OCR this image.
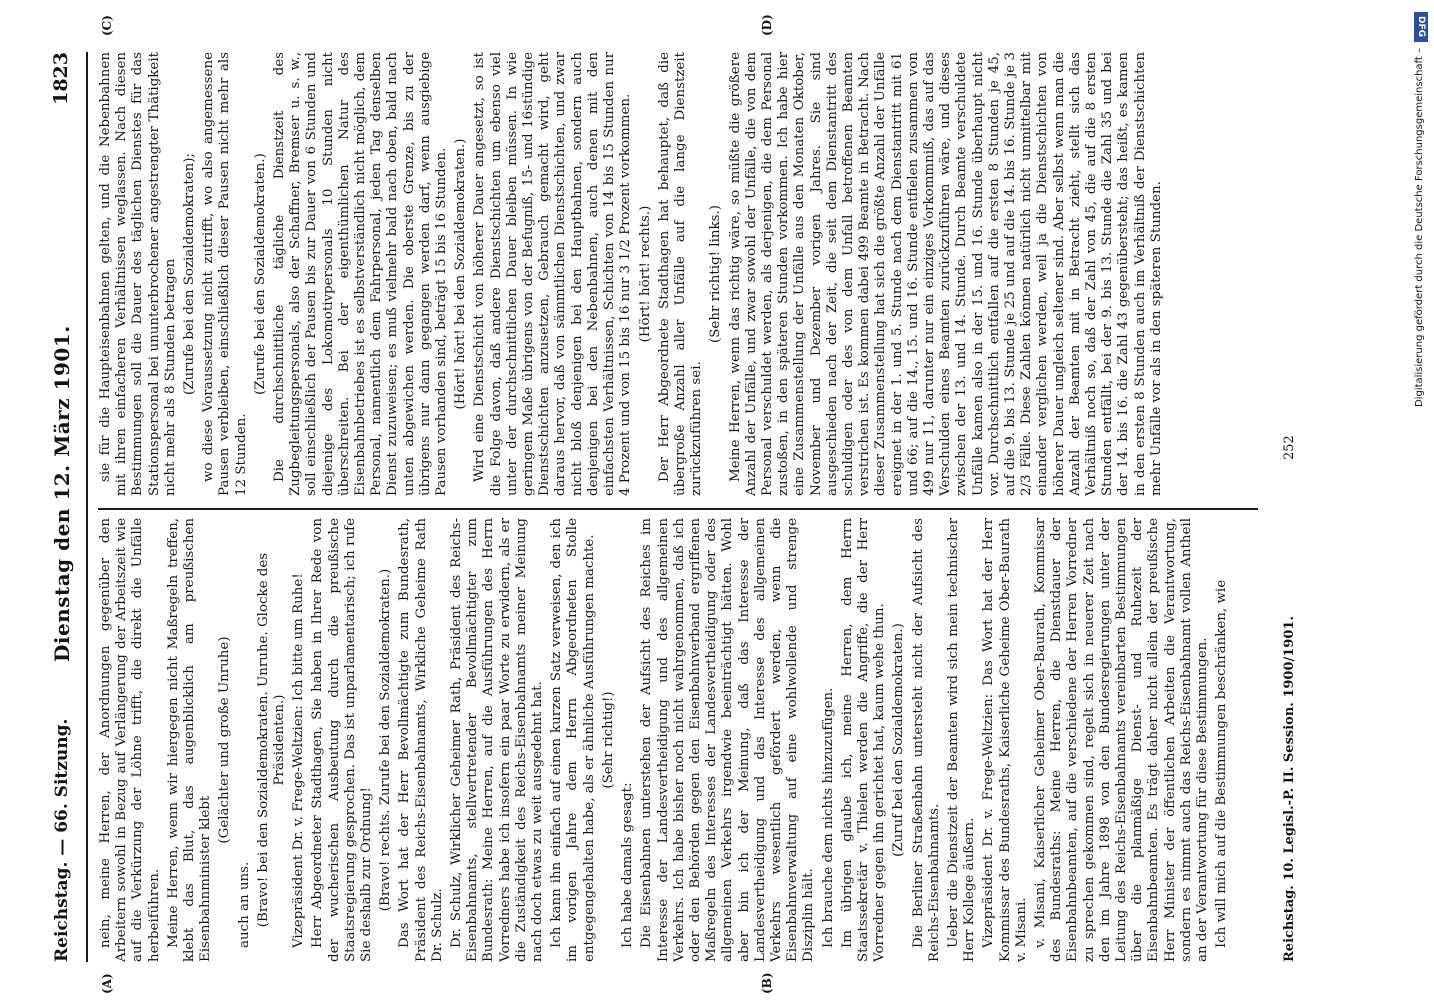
Reichstag. — 66. Sitzung.
Dienstag den 12. März 1901.
1823
(A)	(B)
(C)	(D)

nein, meine Herren, der Anordnungen gegenüber den Arbeitern sowohl in Bezug auf Verlängerung der Arbeitszeit wie auf die Verkürzung der Löhne trifft, die direkt die Unfälle herbeiführen. Meine Herren, wenn wir hiergegen nicht Maßregeln treffen, klebt das Blut, das augenblicklich am preußischen Eisenbahnminister klebt

(Gelächter und große Unruhe)

auch an uns. (Bravo! bei den Sozialdemokraten. Unruhe. Glocke des Präsidenten.) Vizepräsident Dr. v. Frege-Weltzien: Ich bitte um Ruhe! Herr Abgeordneter Stadthagen, Sie haben in Ihrer Rede von der wucherischen Ausbeutung durch die preußische Staatsregierung gesprochen. Das ist unparlamentarisch; ich rufe Sie deshalb zur Ordnung! (Bravo! rechts. Zurufe bei den Sozialdemokraten.) Das Wort hat der Herr Bevollmächtigte zum Bundesrath, Präsident des Reichs-Eisenbahnamts, Wirkliche Geheime Rath Dr. Schulz. Dr. Schulz, Wirklicher Geheimer Rath, Präsident des Reichs-Eisenbahnamts, stellvertretender Bevollmächtigter zum Bundesrath: Meine Herren, auf die Ausführungen des Herrn Vorredners habe ich insofern ein paar Worte zu erwidern, als er die Zuständigkeit des Reichs-Eisenbahnamts meiner Meinung nach doch etwas zu weit ausgedehnt hat. Ich kann ihn einfach auf einen kurzen Satz verweisen, den ich im vorigen Jahre dem Herrn Abgeordneten Stolle entgegengehalten habe, als er ähnliche Ausführungen machte. (Sehr richtig!)

Ich habe damals gesagt: Die Eisenbahnen unterstehen der Aufsicht des Reiches im Interesse der Landesvertheidigung und des allgemeinen Verkehrs. Ich habe bisher noch nicht wahrgenommen, daß ich oder den Behörden gegen den Eisenbahnverband ergriffenen Maßregeln des Interesses der Landesvertheidigung oder des allgemeinen Verkehrs irgendwie beeinträchtigt hätten. Wohl aber bin ich der Meinung, daß das Interesse der Landesvertheidigung und das Interesse des allgemeinen Verkehrs wesentlich gefördert werden, wenn die Eisenbahnverwaltung auf eine wohlwollende und strenge Disziplin hält. Ich brauche dem nichts hinzuzufügen. Im übrigen glaube ich, meine Herren, dem Herrn Staatssekretär v. Thielen werden die Angriffe, die der Herr Vorredner gegen ihn gerichtet hat, kaum wehe thun. (Zuruf bei den Sozialdemokraten.) Die Berliner Straßenbahn untersteht nicht der Aufsicht des Reichs-Eisenbahnamts. Ueber die Dienstzeit der Beamten wird sich mein technischer Herr Kollege äußern. Vizepräsident Dr. v. Frege-Weltzien: Das Wort hat der Herr Kommissar des Bundesraths, Kaiserliche Geheime Ober-Baurath v. Misani. v. Misani, Kaiserlicher Geheimer Ober-Baurath, Kommissar des Bundesraths: Meine Herren, die Dienstdauer der Eisenbahnbeamten, auf die verschiedene der Herren Vorredner zu sprechen gekommen sind, regelt sich in neuerer Zeit nach den im Jahre 1898 von den Bundesregierungen unter der Leitung des Reichs-Eisenbahnamts vereinbarten Bestimmungen über die planmäßige Dienst- und Ruhezeit der Eisenbahnbeamten. Es trägt daher nicht allein der preußische Herr Minister der öffentlichen Arbeiten die Verantwortung, sondern es nimmt auch das Reichs-Eisenbahnamt vollen Antheil an der Verantwortung für diese Bestimmungen. Ich will mich auf die Bestimmungen beschränken, wie

sie für die Haupteisenbahnen gelten, und die Nebenbahnen mit ihren einfacheren Verhältnissen weglassen. Nach diesen Bestimmungen soll die Dauer des täglichen Dienstes für das Stationspersonal bei ununterbrochener angestrengter Thätigkeit nicht mehr als 8 Stunden betragen (Zurufe bei den Sozialdemokraten); wo diese Voraussetzung nicht zutrifft, wo also angemessene Pausen verbleiben, einschließlich dieser Pausen nicht mehr als 12 Stunden.

(Zurufe bei den Sozialdemokraten.) Die durchschnittliche tägliche Dienstzeit des Zugbegleitungspersonals, also der Schaffner, Bremser u. s. w., soll einschließlich der Pausen bis zur Dauer von 6 Stunden und diejenige des Lokomotivpersonals 10 Stunden nicht überschreiten. Bei der eigenthümlichen Natur des Eisenbahnbetriebes ist es selbstverständlich nicht möglich, dem Personal, namentlich dem Fahrpersonal, jeden Tag denselben Dienst zuzuweisen; es muß vielmehr bald nach oben, bald nach unten abgewichen werden. Die oberste Grenze, bis zu der übrigens nur dann gegangen werden darf, wenn ausgiebige Pausen vorhanden sind, beträgt 15 bis 16 Stunden. (Hört! hört! bei den Sozialdemokraten.) Wird eine Dienstschicht von höherer Dauer angesetzt, so ist die Folge davon, daß andere Dienstschichten um ebenso viel unter der durchschnittlichen Dauer bleiben müssen. In wie geringem Maße übrigens von der Befugniß, 15- und 16stündige Dienstschichten anzusetzen, Gebrauch gemacht wird, geht daraus hervor, daß von sämmtlichen Dienstschichten, und zwar nicht bloß denjenigen bei den Hauptbahnen, sondern auch denjenigen bei den Nebenbahnen, auch denen mit den einfachsten Verhältnissen, Schichten von 14 bis 15 Stunden nur 4 Prozent und von 15 bis 16 nur 3 1/2 Prozent vorkommen. (Hört! hört! rechts.) Der Herr Abgeordnete Stadthagen hat behauptet, daß die übergroße Anzahl aller Unfälle auf die lange Dienstzeit zurückzuführen sei.

(Sehr richtig! links.) Meine Herren, wenn das richtig wäre, so müßte die größere Anzahl der Unfälle, und zwar sowohl der Unfälle, die von dem Personal verschuldet werden, als derjenigen, die dem Personal zustoßen, in den späteren Stunden vorkommen. Ich habe hier eine Zusammenstellung der Unfälle aus den Monaten Oktober, November und Dezember vorigen Jahres. Sie sind ausgeschieden nach der Zeit, die seit dem Dienstantritt des schuldigen oder des von dem Unfall betroffenen Beamten verstrichen ist. Es kommen dabei 499 Beamte in Betracht. Nach dieser Zusammenstellung hat sich die größte Anzahl der Unfälle ereignet in der 1. und 5. Stunde nach dem Dienstantritt mit 61 und 66; auf die 14., 15. und 16. Stunde entfielen zusammen von 499 nur 11, darunter nur ein einziges Vorkommniß, das auf das Verschulden eines Beamten zurückzuführen wäre, und dieses zwischen der 13. und 14. Stunde. Durch Beamte verschuldete Unfälle kamen also in der 15. und 16. Stunde überhaupt nicht vor. Durchschnittlich entfallen auf die ersten 8 Stunden je 45, auf die 9. bis 13. Stunde je 25 und auf die 14. bis 16. Stunde je 3 2/3 Fälle. Diese Zahlen können natürlich nicht unmittelbar mit einander verglichen werden, weil ja die Dienstschichten von höherer Dauer ungleich seltener sind. Aber selbst wenn man die Anzahl der Beamten mit in Betracht zieht, stellt sich das Verhältniß noch so, daß der Zahl von 45, die auf die 8 ersten Stunden entfällt, bei der 9. bis 13. Stunde die Zahl 35 und bei der 14. bis 16. die Zahl 43 gegenübersteht; das heißt, es kamen in den ersten 8 Stunden auch im Verhältniß der Dienstschichten mehr Unfälle vor als in den späteren Stunden.

Reichstag. 10. Legisl.-P. II. Session. 1900/1901.
252
DFG
Digitalisierung gefördert durch die Deutsche Forschungsgemeinschaft –
